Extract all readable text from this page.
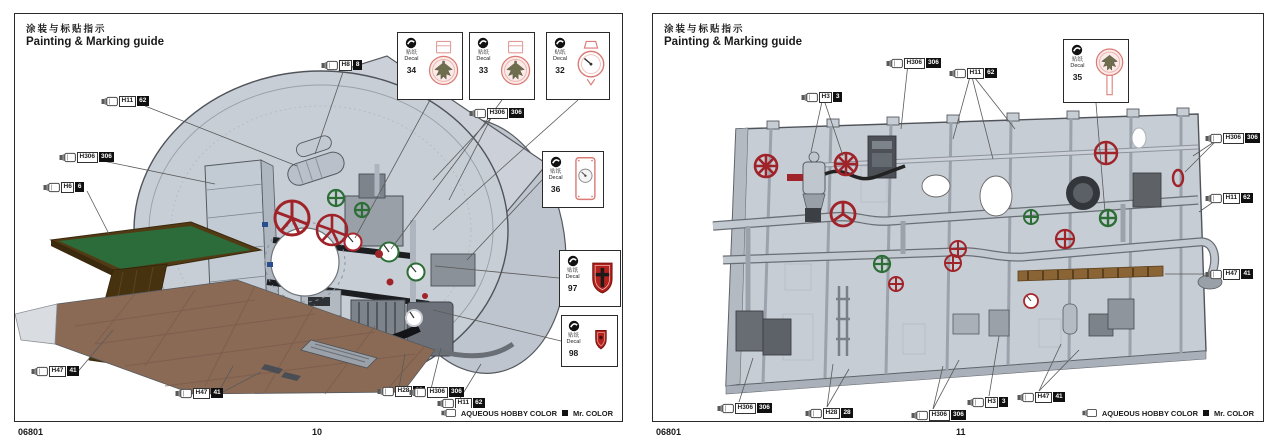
涂装与标贴指示
Painting & Marking guide
AQUEOUS HOBBY COLOR Mr. COLOR
贴纸
Decal
34
贴纸
Decal
33
贴纸
Decal
32
贴纸
Decal
36
贴纸
Decal
97
贴纸
Decal
98
H11 62
H306 306
H6 6
H47 41
H47 41	H28	H306 306
H11 62
H8 8
H306 306
涂装与标贴指示
Painting & Marking guide
AQUEOUS HOBBY COLOR Mr. COLOR
贴纸
Decal
35
H306 306
H11 62
H3 3
H306 306
H11 62
H47 41
H306 306
H28 28	H306 306
H3 3
H47 41
06801	10	06801	11
